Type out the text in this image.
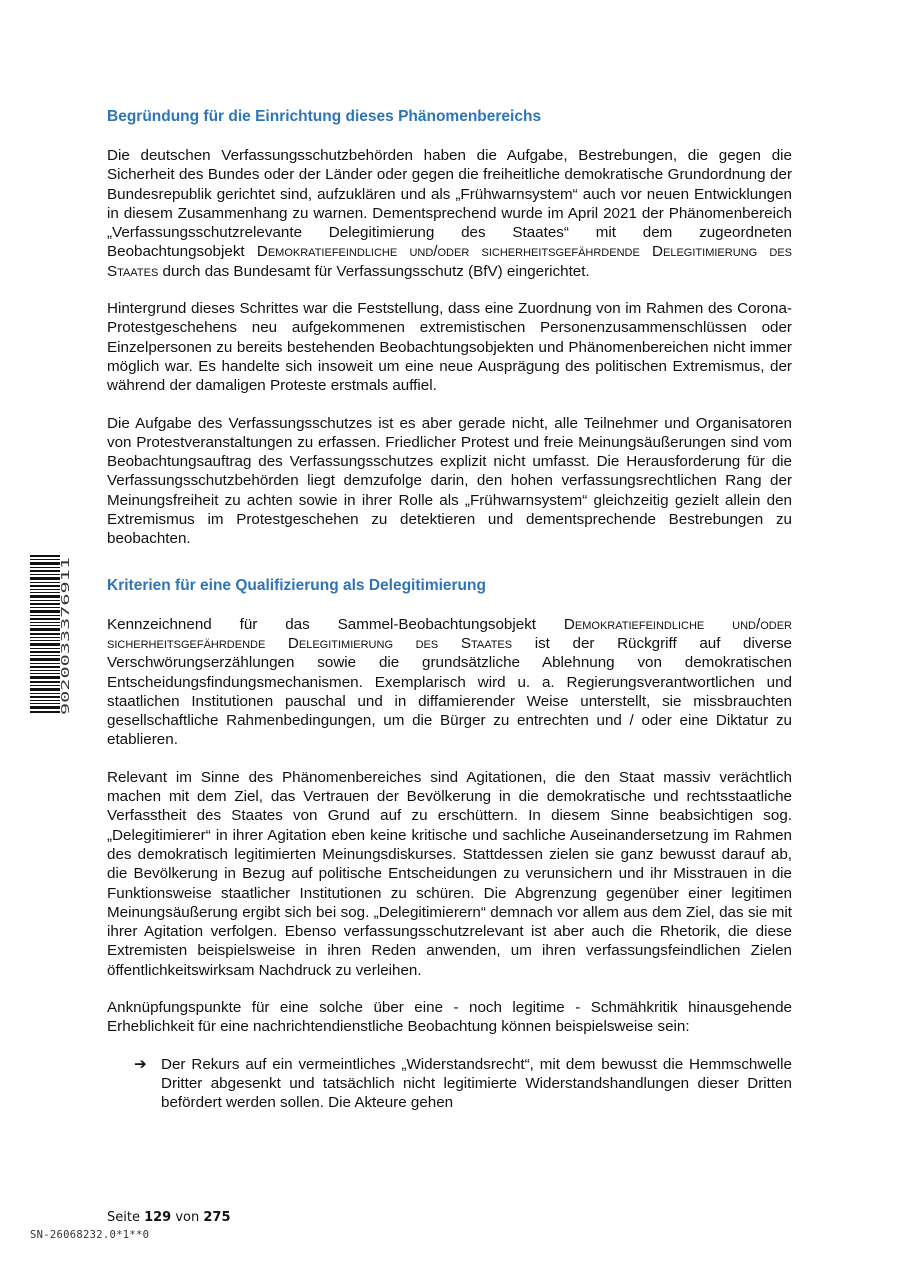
Begründung für die Einrichtung dieses Phänomenbereichs

Die deutschen Verfassungsschutzbehörden haben die Aufgabe, Bestrebungen, die gegen die Sicherheit des Bundes oder der Länder oder gegen die freiheitliche demokratische Grundordnung der Bundesrepublik gerichtet sind, aufzuklären und als „Frühwarnsystem“ auch vor neuen Entwicklungen in diesem Zusammenhang zu warnen. Dementsprechend wurde im April 2021 der Phänomenbereich „Verfassungsschutzrelevante Delegitimierung des Staates“ mit dem zugeordneten Beobachtungsobjekt Demokratiefeindliche und/oder sicherheitsgefährdende Delegitimierung des Staates durch das Bundesamt für Verfassungsschutz (BfV) eingerichtet.

Hintergrund dieses Schrittes war die Feststellung, dass eine Zuordnung von im Rahmen des Corona-Protestgeschehens neu aufgekommenen extremistischen Personenzusammenschlüssen oder Einzelpersonen zu bereits bestehenden Beobachtungsobjekten und Phänomenbereichen nicht immer möglich war. Es handelte sich insoweit um eine neue Ausprägung des politischen Extremismus, der während der damaligen Proteste erstmals auffiel.

Die Aufgabe des Verfassungsschutzes ist es aber gerade nicht, alle Teilnehmer und Organisatoren von Protestveranstaltungen zu erfassen. Friedlicher Protest und freie Meinungsäußerungen sind vom Beobachtungsauftrag des Verfassungsschutzes explizit nicht umfasst. Die Herausforderung für die Verfassungsschutzbehörden liegt demzufolge darin, den hohen verfassungsrechtlichen Rang der Meinungsfreiheit zu achten sowie in ihrer Rolle als „Frühwarnsystem“ gleichzeitig gezielt allein den Extremismus im Protestgeschehen zu detektieren und dementsprechende Bestrebungen zu beobachten.

Kriterien für eine Qualifizierung als Delegitimierung

Kennzeichnend für das Sammel-Beobachtungsobjekt Demokratiefeindliche und/oder sicherheitsgefährdende Delegitimierung des Staates ist der Rückgriff auf diverse Verschwörungserzählungen sowie die grundsätzliche Ablehnung von demokratischen Entscheidungsfindungsmechanismen. Exemplarisch wird u. a. Regierungsverantwortlichen und staatlichen Institutionen pauschal und in diffamierender Weise unterstellt, sie missbrauchten gesellschaftliche Rahmenbedingungen, um die Bürger zu entrechten und / oder eine Diktatur zu etablieren.

Relevant im Sinne des Phänomenbereiches sind Agitationen, die den Staat massiv verächtlich machen mit dem Ziel, das Vertrauen der Bevölkerung in die demokratische und rechtsstaatliche Verfasstheit des Staates von Grund auf zu erschüttern. In diesem Sinne beabsichtigen sog. „Delegitimierer“ in ihrer Agitation eben keine kritische und sachliche Auseinandersetzung im Rahmen des demokratisch legitimierten Meinungsdiskurses. Stattdessen zielen sie ganz bewusst darauf ab, die Bevölkerung in Bezug auf politische Entscheidungen zu verunsichern und ihr Misstrauen in die Funktionsweise staatlicher Institutionen zu schüren. Die Abgrenzung gegenüber einer legitimen Meinungsäußerung ergibt sich bei sog. „Delegitimierern“ demnach vor allem aus dem Ziel, das sie mit ihrer Agitation verfolgen. Ebenso verfassungsschutzrelevant ist aber auch die Rhetorik, die diese Extremisten beispielsweise in ihren Reden anwenden, um ihren verfassungsfeindlichen Zielen öffentlichkeitswirksam Nachdruck zu verleihen.

Anknüpfungspunkte für eine solche über eine - noch legitime - Schmähkritik hinausgehende Erheblichkeit für eine nachrichtendienstliche Beobachtung können beispielsweise sein:

➔ Der Rekurs auf ein vermeintliches „Widerstandsrecht“, mit dem bewusst die Hemmschwelle Dritter abgesenkt und tatsächlich nicht legitimierte Widerstandshandlungen dieser Dritten befördert werden sollen. Die Akteure gehen
9020033376911
Seite 129 von 275
SN-26068232.0*1**0
